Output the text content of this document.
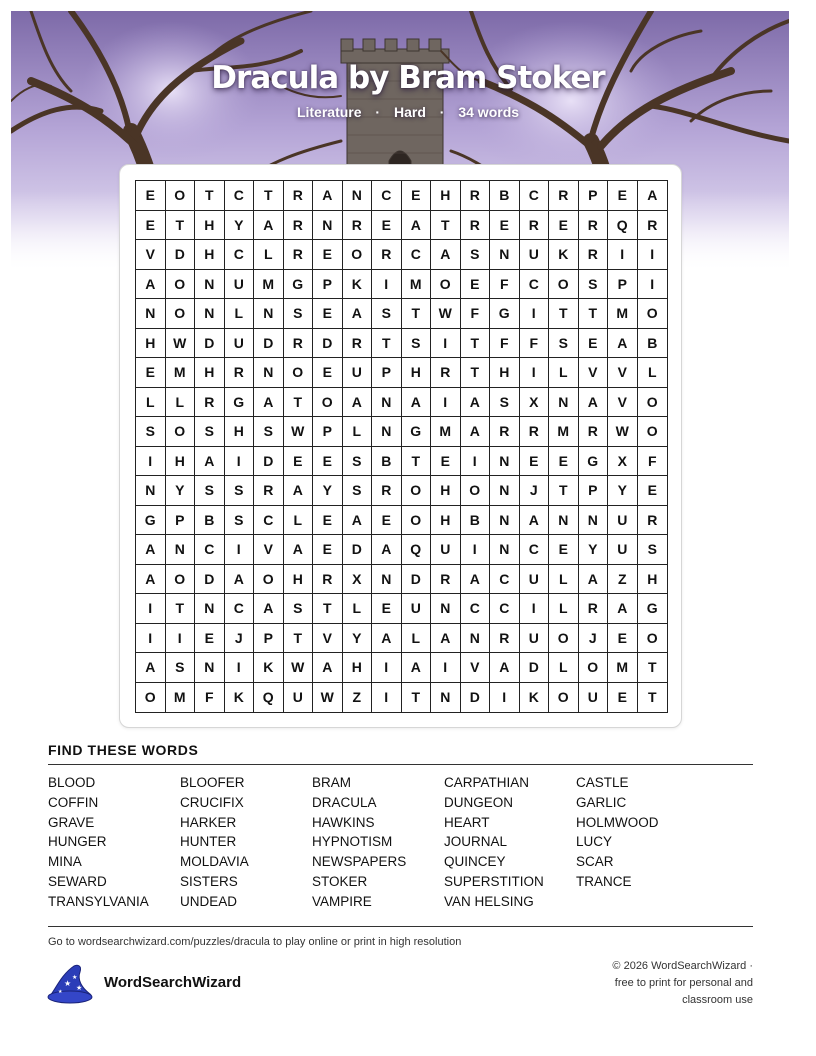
Dracula by Bram Stoker
Literature · Hard · 34 words
E	O	T	C	T	R	A	N	C	E	H	R	B	C	R	P	E	A
E	T	H	Y	A	R	N	R	E	A	T	R	E	R	E	R	Q	R
V	D	H	C	L	R	E	O	R	C	A	S	N	U	K	R	I	I
A	O	N	U	M	G	P	K	I	M	O	E	F	C	O	S	P	I
N	O	N	L	N	S	E	A	S	T	W	F	G	I	T	T	M	O
H	W	D	U	D	R	D	R	T	S	I	T	F	F	S	E	A	B
E	M	H	R	N	O	E	U	P	H	R	T	H	I	L	V	V	L
L	L	R	G	A	T	O	A	N	A	I	A	S	X	N	A	V	O
S	O	S	H	S	W	P	L	N	G	M	A	R	R	M	R	W	O
I	H	A	I	D	E	E	S	B	T	E	I	N	E	E	G	X	F
N	Y	S	S	R	A	Y	S	R	O	H	O	N	J	T	P	Y	E
G	P	B	S	C	L	E	A	E	O	H	B	N	A	N	N	U	R
A	N	C	I	V	A	E	D	A	Q	U	I	N	C	E	Y	U	S
A	O	D	A	O	H	R	X	N	D	R	A	C	U	L	A	Z	H
I	T	N	C	A	S	T	L	E	U	N	C	C	I	L	R	A	G
I	I	E	J	P	T	V	Y	A	L	A	N	R	U	O	J	E	O
A	S	N	I	K	W	A	H	I	A	I	V	A	D	L	O	M	T
O	M	F	K	Q	U	W	Z	I	T	N	D	I	K	O	U	E	T
FIND THESE WORDS
BLOOD	BLOOFER	BRAM	CARPATHIAN	CASTLE
COFFIN	CRUCIFIX	DRACULA	DUNGEON	GARLIC
GRAVE	HARKER	HAWKINS	HEART	HOLMWOOD
HUNGER	HUNTER	HYPNOTISM	JOURNAL	LUCY
MINA	MOLDAVIA	NEWSPAPERS	QUINCEY	SCAR
SEWARD	SISTERS	STOKER	SUPERSTITION	TRANCE
TRANSYLVANIA	UNDEAD	VAMPIRE	VAN HELSING
Go to wordsearchwizard.com/puzzles/dracula to play online or print in high resolution
★
★
★
★
WordSearchWizard
© 2026 WordSearchWizard ·
free to print for personal and
classroom use
